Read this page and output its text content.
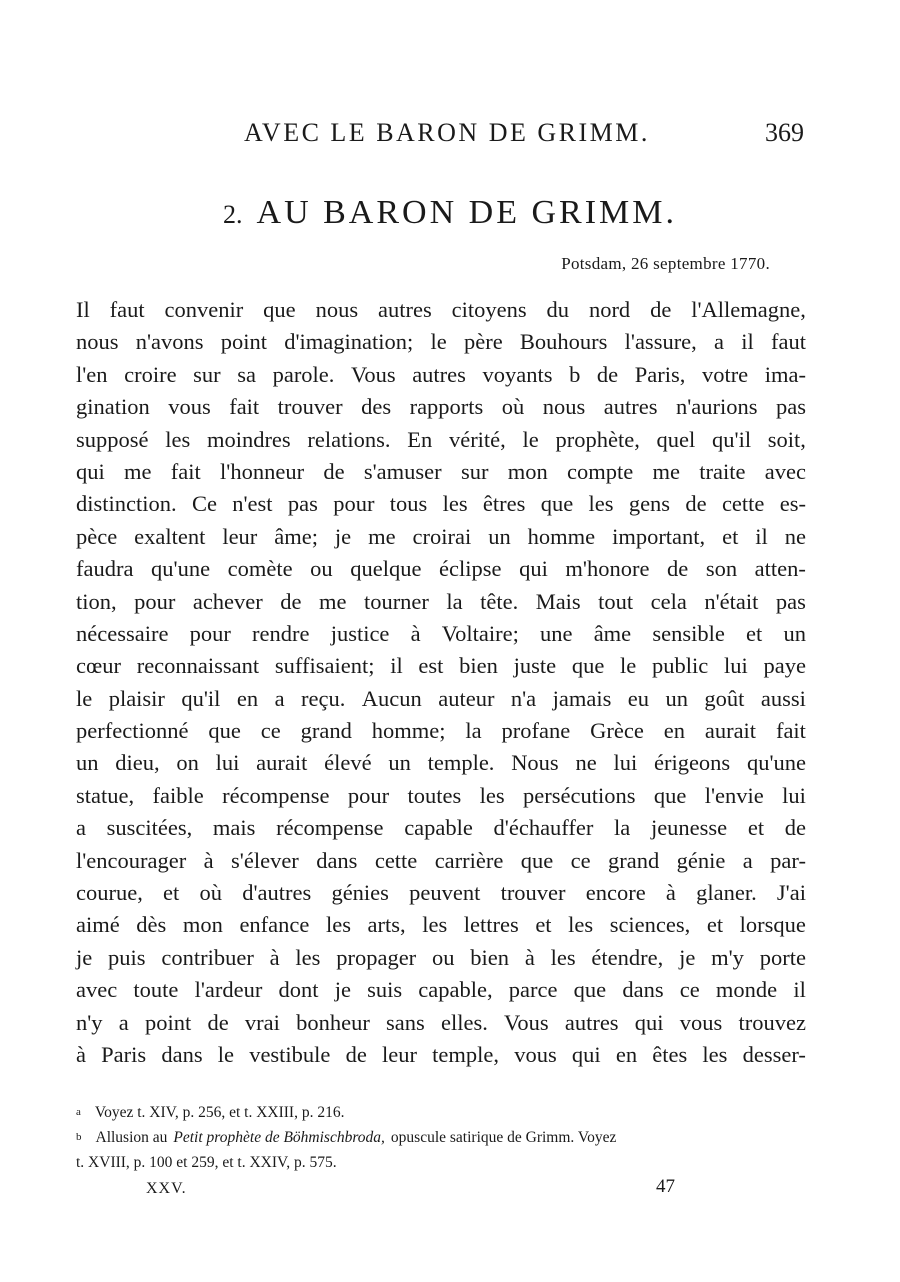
AVEC LE BARON DE GRIMM.	369
2. AU BARON DE GRIMM.
Potsdam, 26 septembre 1770.
Il faut convenir que nous autres citoyens du nord de l'Allemagne,
nous n'avons point d'imagination; le père Bouhours l'assure, a il faut
l'en croire sur sa parole. Vous autres voyants b de Paris, votre ima-
gination vous fait trouver des rapports où nous autres n'aurions pas
supposé les moindres relations. En vérité, le prophète, quel qu'il soit,
qui me fait l'honneur de s'amuser sur mon compte me traite avec
distinction. Ce n'est pas pour tous les êtres que les gens de cette es-
pèce exaltent leur âme; je me croirai un homme important, et il ne
faudra qu'une comète ou quelque éclipse qui m'honore de son atten-
tion, pour achever de me tourner la tête. Mais tout cela n'était pas
nécessaire pour rendre justice à Voltaire; une âme sensible et un
cœur reconnaissant suffisaient; il est bien juste que le public lui paye
le plaisir qu'il en a reçu. Aucun auteur n'a jamais eu un goût aussi
perfectionné que ce grand homme; la profane Grèce en aurait fait
un dieu, on lui aurait élevé un temple. Nous ne lui érigeons qu'une
statue, faible récompense pour toutes les persécutions que l'envie lui
a suscitées, mais récompense capable d'échauffer la jeunesse et de
l'encourager à s'élever dans cette carrière que ce grand génie a par-
courue, et où d'autres génies peuvent trouver encore à glaner. J'ai
aimé dès mon enfance les arts, les lettres et les sciences, et lorsque
je puis contribuer à les propager ou bien à les étendre, je m'y porte
avec toute l'ardeur dont je suis capable, parce que dans ce monde il
n'y a point de vrai bonheur sans elles. Vous autres qui vous trouvez
à Paris dans le vestibule de leur temple, vous qui en êtes les desser-
a Voyez t. XIV, p. 256, et t. XXIII, p. 216.
b Allusion au Petit prophète de Böhmischbroda, opuscule satirique de Grimm. Voyez
t. XVIII, p. 100 et 259, et t. XXIV, p. 575.
XXV.	47
